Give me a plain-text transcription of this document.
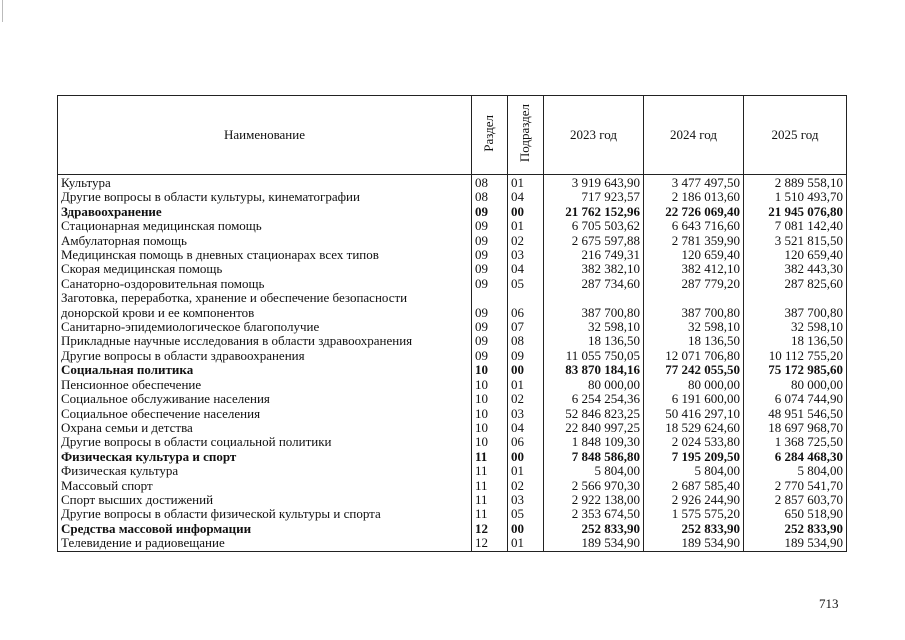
Наименование	Раздел	Подраздел	2023 год	2024 год	2025 год
Культура	08	01	3 919 643,90	3 477 497,50	2 889 558,10
Другие вопросы в области культуры, кинематографии	08	04	717 923,57	2 186 013,60	1 510 493,70
Здравоохранение	09	00	21 762 152,96	22 726 069,40	21 945 076,80
Стационарная медицинская помощь	09	01	6 705 503,62	6 643 716,60	7 081 142,40
Амбулаторная помощь	09	02	2 675 597,88	2 781 359,90	3 521 815,50
Медицинская помощь в дневных стационарах всех типов	09	03	216 749,31	120 659,40	120 659,40
Скорая медицинская помощь	09	04	382 382,10	382 412,10	382 443,30
Санаторно-оздоровительная помощь	09	05	287 734,60	287 779,20	287 825,60
Заготовка, переработка, хранение и обеспечение безопасности донорской крови и ее компонентов	09	06	387 700,80	387 700,80	387 700,80
Санитарно-эпидемиологическое благополучие	09	07	32 598,10	32 598,10	32 598,10
Прикладные научные исследования в области здравоохранения	09	08	18 136,50	18 136,50	18 136,50
Другие вопросы в области здравоохранения	09	09	11 055 750,05	12 071 706,80	10 112 755,20
Социальная политика	10	00	83 870 184,16	77 242 055,50	75 172 985,60
Пенсионное обеспечение	10	01	80 000,00	80 000,00	80 000,00
Социальное обслуживание населения	10	02	6 254 254,36	6 191 600,00	6 074 744,90
Социальное обеспечение населения	10	03	52 846 823,25	50 416 297,10	48 951 546,50
Охрана семьи и детства	10	04	22 840 997,25	18 529 624,60	18 697 968,70
Другие вопросы в области социальной политики	10	06	1 848 109,30	2 024 533,80	1 368 725,50
Физическая культура и спорт	11	00	7 848 586,80	7 195 209,50	6 284 468,30
Физическая культура	11	01	5 804,00	5 804,00	5 804,00
Массовый спорт	11	02	2 566 970,30	2 687 585,40	2 770 541,70
Спорт высших достижений	11	03	2 922 138,00	2 926 244,90	2 857 603,70
Другие вопросы в области физической культуры и спорта	11	05	2 353 674,50	1 575 575,20	650 518,90
Средства массовой информации	12	00	252 833,90	252 833,90	252 833,90
Телевидение и радиовещание	12	01	189 534,90	189 534,90	189 534,90
713
